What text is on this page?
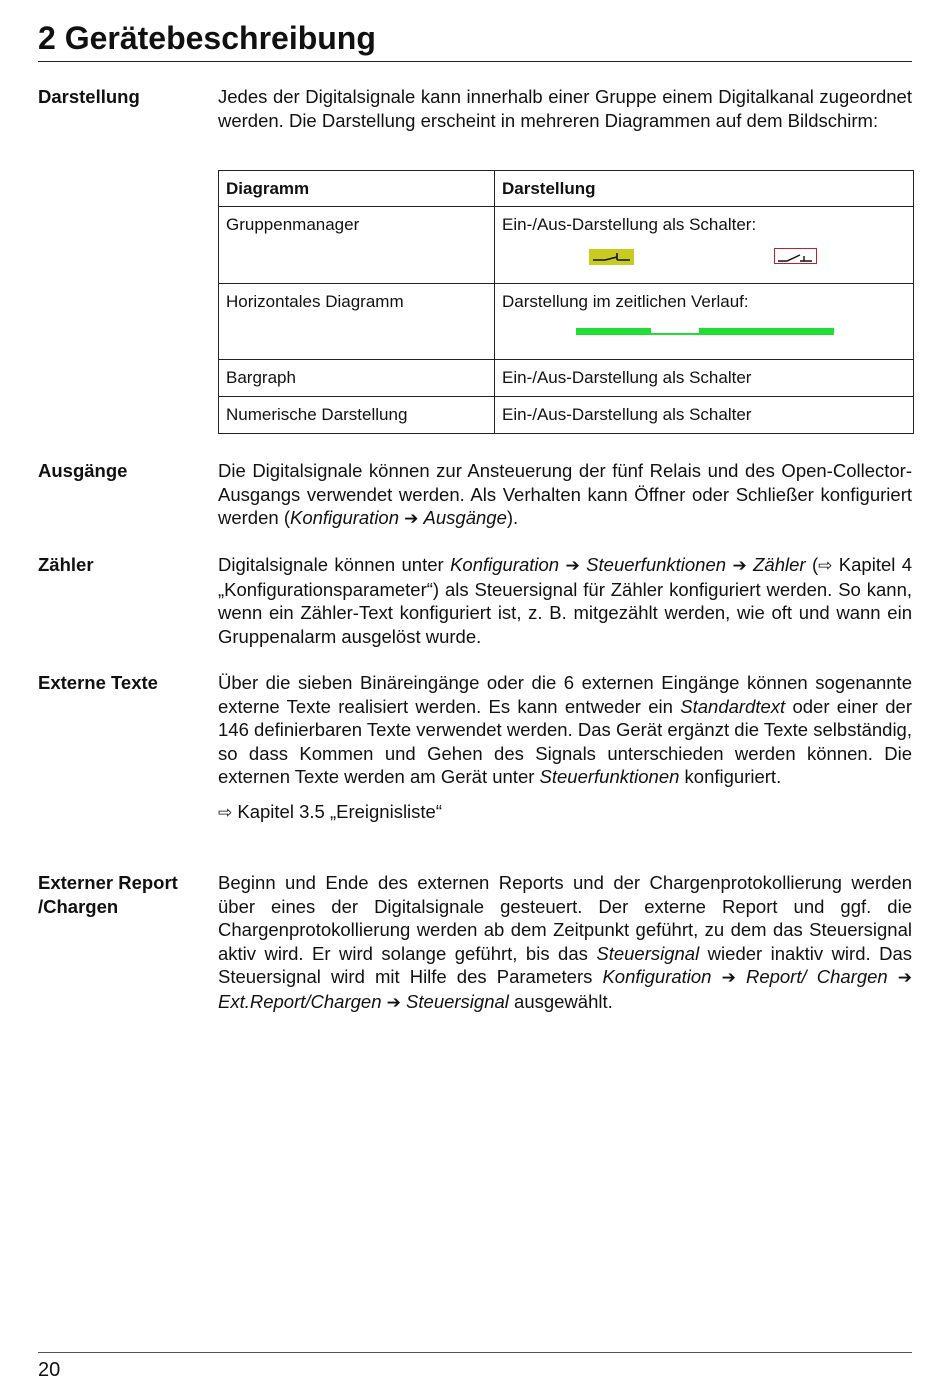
2 Gerätebeschreibung
Darstellung	Jedes der Digitalsignale kann innerhalb einer Gruppe einem Digitalkanal zugeordnet werden. Die Darstellung erscheint in mehreren Diagrammen auf dem Bildschirm:

Diagramm	Darstellung
Gruppenmanager	Ein-/Aus-Darstellung als Schalter:

Horizontales Diagramm	Darstellung im zeitlichen Verlauf:

Bargraph	Ein-/Aus-Darstellung als Schalter
Numerische Darstellung	Ein-/Aus-Darstellung als Schalter
Ausgänge	Die Digitalsignale können zur Ansteuerung der fünf Relais und des Open-Collector-Ausgangs verwendet werden. Als Verhalten kann Öffner oder Schließer konfiguriert werden (Konfiguration ➔ Ausgänge).

Zähler	Digitalsignale können unter Konfiguration ➔ Steuerfunktionen ➔ Zähler (⇨ Kapitel 4 „Konfigurationsparameter“) als Steuersignal für Zähler konfiguriert werden. So kann, wenn ein Zähler-Text konfiguriert ist, z. B. mitgezählt werden, wie oft und wann ein Gruppenalarm ausgelöst wurde.

Externe Texte	Über die sieben Binäreingänge oder die 6 externen Eingänge können sogenannte externe Texte realisiert werden. Es kann entweder ein Standardtext oder einer der 146 definierbaren Texte verwendet werden. Das Gerät ergänzt die Texte selbständig, so dass Kommen und Gehen des Signals unterschieden werden können. Die externen Texte werden am Gerät unter Steuerfunktionen konfiguriert.

⇨ Kapitel 3.5 „Ereignisliste“

Externer Report /Chargen

Beginn und Ende des externen Reports und der Chargenprotokollierung werden über eines der Digitalsignale gesteuert. Der externe Report und ggf. die Chargenprotokollierung werden ab dem Zeitpunkt geführt, zu dem das Steuersignal aktiv wird. Er wird solange geführt, bis das Steuersignal wieder inaktiv wird. Das Steuersignal wird mit Hilfe des Parameters Konfiguration ➔ Report/ Chargen ➔ Ext.Report/Chargen ➔ Steuersignal ausgewählt.

20
